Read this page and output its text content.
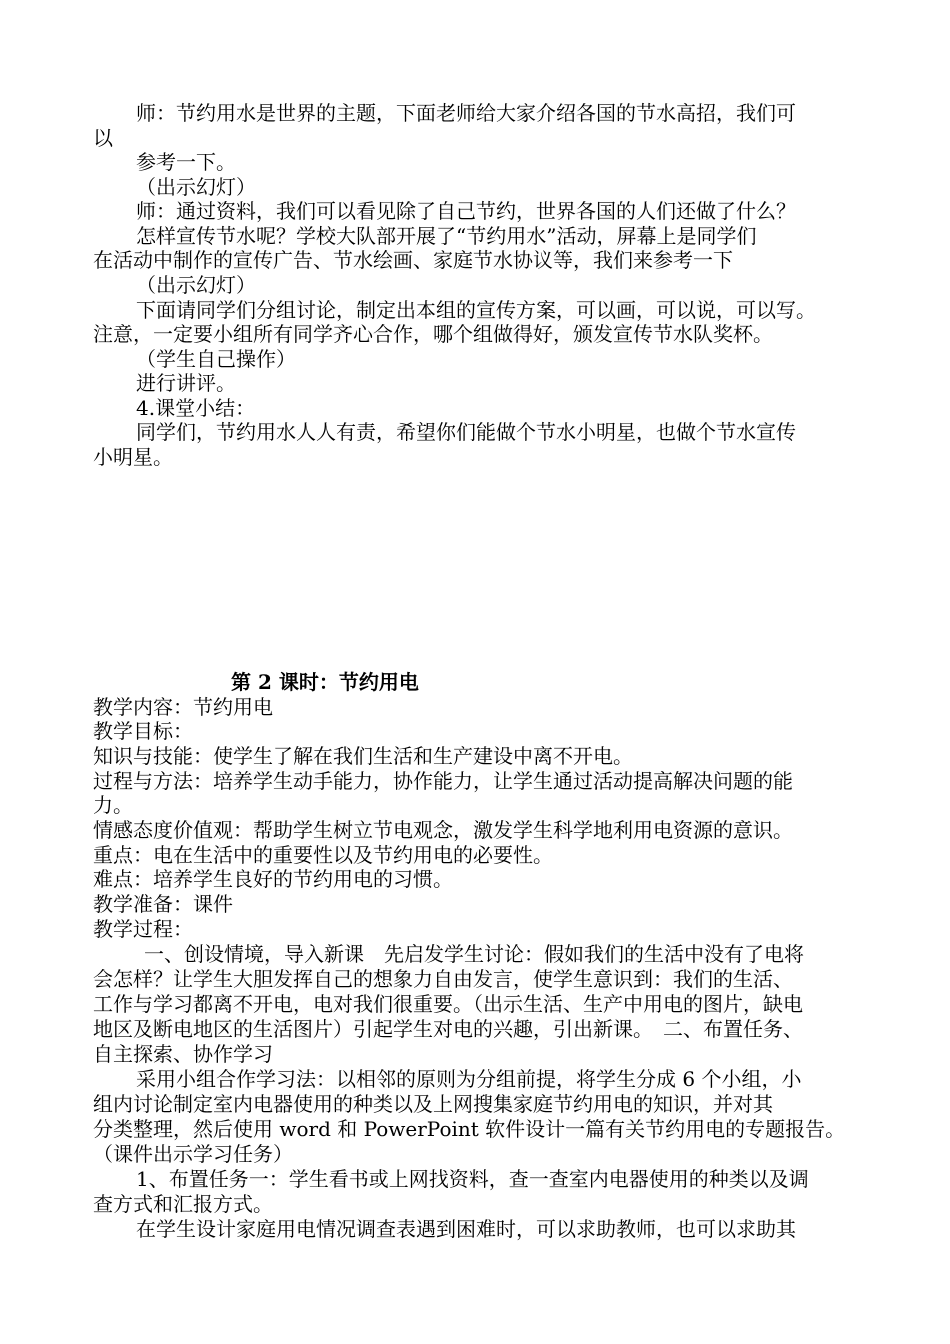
师：节约用水是世界的主题，下面老师给大家介绍各国的节水高招，我们可
以
参考一下。
（出示幻灯）
师：通过资料，我们可以看见除了自己节约，世界各国的人们还做了什么？
怎样宣传节水呢？学校大队部开展了“节约用水”活动，屏幕上是同学们
在活动中制作的宣传广告、节水绘画、家庭节水协议等，我们来参考一下
（出示幻灯）
下面请同学们分组讨论，制定出本组的宣传方案，可以画，可以说，可以写。
注意，一定要小组所有同学齐心合作，哪个组做得好，颁发宣传节水队奖杯。
（学生自己操作）
进行讲评。
4.课堂小结：
同学们，节约用水人人有责，希望你们能做个节水小明星，也做个节水宣传
小明星。
第 2 课时：节约用电
教学内容：节约用电
教学目标：
知识与技能：使学生了解在我们生活和生产建设中离不开电。
过程与方法：培养学生动手能力，协作能力，让学生通过活动提高解决问题的能
力。
情感态度价值观：帮助学生树立节电观念，激发学生科学地利用电资源的意识。
重点：电在生活中的重要性以及节约用电的必要性。
难点：培养学生良好的节约用电的习惯。
教学准备：课件
教学过程：
一、创设情境，导入新课　先启发学生讨论：假如我们的生活中没有了电将
会怎样？让学生大胆发挥自己的想象力自由发言，使学生意识到：我们的生活、
工作与学习都离不开电，电对我们很重要。（出示生活、生产中用电的图片，缺电
地区及断电地区的生活图片）引起学生对电的兴趣，引出新课。　二、布置任务、
自主探索、协作学习
采用小组合作学习法：以相邻的原则为分组前提，将学生分成 6 个小组，小
组内讨论制定室内电器使用的种类以及上网搜集家庭节约用电的知识，并对其
分类整理，然后使用 word 和 PowerPoint 软件设计一篇有关节约用电的专题报告。
（课件出示学习任务）
1、布置任务一：学生看书或上网找资料，查一查室内电器使用的种类以及调
查方式和汇报方式。
在学生设计家庭用电情况调查表遇到困难时，可以求助教师，也可以求助其
